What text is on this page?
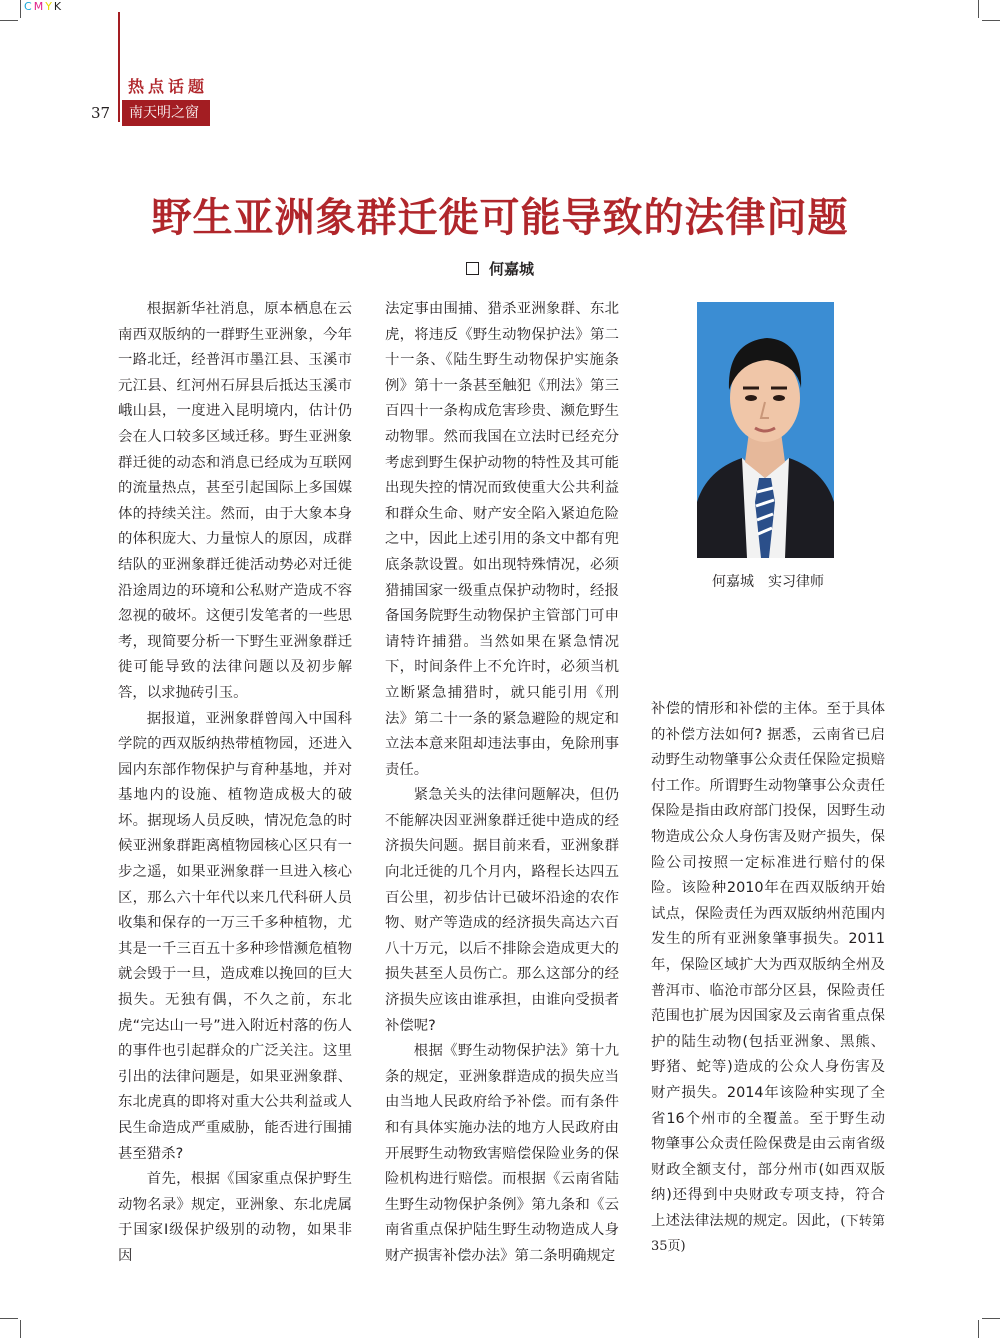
CMYK
热点话题
37	南天明之窗
野生亚洲象群迁徙可能导致的法律问题
何嘉城

根据新华社消息，原本栖息在云南西双版纳的一群野生亚洲象，今年一路北迁，经普洱市墨江县、玉溪市元江县、红河州石屏县后抵达玉溪市峨山县，一度进入昆明境内，估计仍会在人口较多区域迁移。野生亚洲象群迁徙的动态和消息已经成为互联网的流量热点，甚至引起国际上多国媒体的持续关注。然而，由于大象本身的体积庞大、力量惊人的原因，成群结队的亚洲象群迁徙活动势必对迁徙沿途周边的环境和公私财产造成不容忽视的破坏。这便引发笔者的一些思考，现简要分析一下野生亚洲象群迁徙可能导致的法律问题以及初步解答，以求抛砖引玉。

据报道，亚洲象群曾闯入中国科学院的西双版纳热带植物园，还进入园内东部作物保护与育种基地，并对基地内的设施、植物造成极大的破坏。据现场人员反映，情况危急的时候亚洲象群距离植物园核心区只有一步之遥，如果亚洲象群一旦进入核心区，那么六十年代以来几代科研人员收集和保存的一万三千多种植物，尤其是一千三百五十多种珍惜濒危植物就会毁于一旦，造成难以挽回的巨大损失。无独有偶，不久之前，东北虎“完达山一号”进入附近村落的伤人的事件也引起群众的广泛关注。这里引出的法律问题是，如果亚洲象群、东北虎真的即将对重大公共利益或人民生命造成严重威胁，能否进行围捕甚至猎杀?

首先，根据《国家重点保护野生动物名录》规定，亚洲象、东北虎属于国家I级保护级别的动物，如果非因

法定事由围捕、猎杀亚洲象群、东北虎，将违反《野生动物保护法》第二十一条、《陆生野生动物保护实施条例》第十一条甚至触犯《刑法》第三百四十一条构成危害珍贵、濒危野生动物罪。然而我国在立法时已经充分考虑到野生保护动物的特性及其可能出现失控的情况而致使重大公共利益和群众生命、财产安全陷入紧迫危险之中，因此上述引用的条文中都有兜底条款设置。如出现特殊情况，必须猎捕国家一级重点保护动物时，经报备国务院野生动物保护主管部门可申请特许捕猎。当然如果在紧急情况下，时间条件上不允许时，必须当机立断紧急捕猎时，就只能引用《刑法》第二十一条的紧急避险的规定和立法本意来阻却违法事由，免除刑事责任。

紧急关头的法律问题解决，但仍不能解决因亚洲象群迁徙中造成的经济损失问题。据目前来看，亚洲象群向北迁徙的几个月内，路程长达四五百公里，初步估计已破坏沿途的农作物、财产等造成的经济损失高达六百八十万元，以后不排除会造成更大的损失甚至人员伤亡。那么这部分的经济损失应该由谁承担，由谁向受损者补偿呢?

根据《野生动物保护法》第十九条的规定，亚洲象群造成的损失应当由当地人民政府给予补偿。而有条件和有具体实施办法的地方人民政府由开展野生动物致害赔偿保险业务的保险机构进行赔偿。而根据《云南省陆生野生动物保护条例》第九条和《云南省重点保护陆生野生动物造成人身财产损害补偿办法》第二条明确规定

何嘉城　实习律师

补偿的情形和补偿的主体。至于具体的补偿方法如何? 据悉，云南省已启动野生动物肇事公众责任保险定损赔付工作。所谓野生动物肇事公众责任保险是指由政府部门投保，因野生动物造成公众人身伤害及财产损失，保险公司按照一定标准进行赔付的保险。该险种2010年在西双版纳开始试点，保险责任为西双版纳州范围内发生的所有亚洲象肇事损失。2011年，保险区域扩大为西双版纳全州及普洱市、临沧市部分区县，保险责任范围也扩展为因国家及云南省重点保护的陆生动物(包括亚洲象、黑熊、野猪、蛇等)造成的公众人身伤害及财产损失。2014年该险种实现了全省16个州市的全覆盖。至于野生动物肇事公众责任险保费是由云南省级财政全额支付，部分州市(如西双版纳)还得到中央财政专项支持，符合上述法律法规的规定。因此，(下转第35页)
